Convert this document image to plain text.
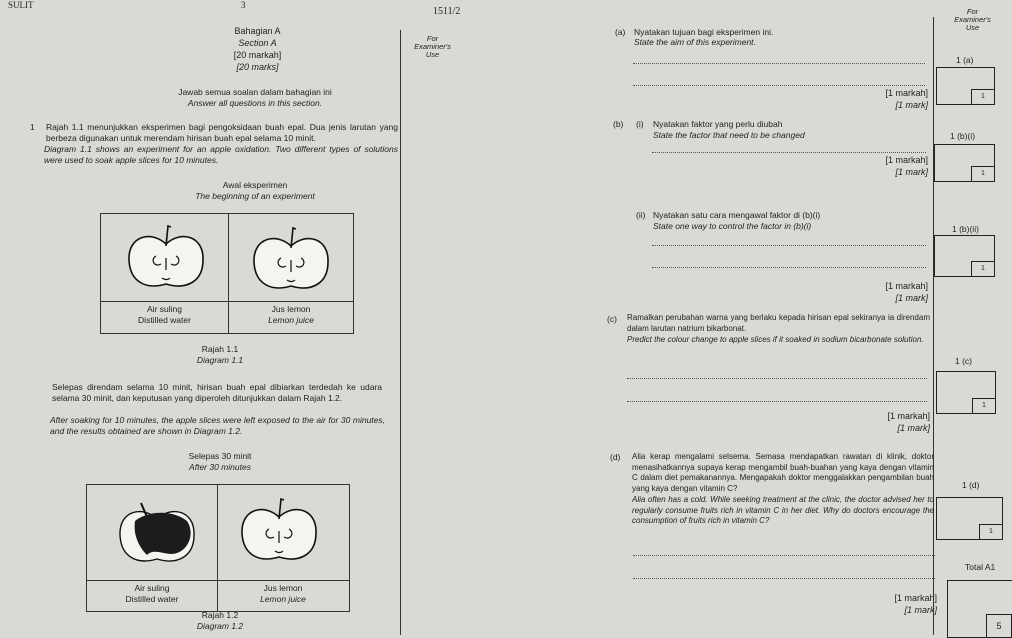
SULIT	3
1511/2
Bahagian A
Section A
[20 markah]
[20 marks]
For
Examiner's
Use
Jawab semua soalan dalam bahagian ini
Answer all questions in this section.
1 Rajah 1.1 menunjukkan eksperimen bagi pengoksidaan buah epal. Dua jenis larutan yang berbeza digunakan untuk merendam hirisan buah epal selama 10 minit.
Diagram 1.1 shows an experiment for an apple oxidation. Two different types of solutions were used to soak apple slices for 10 minutes.
Awal eksperimen
The beginning of an experiment
Air suling
Distilled water
Jus lemon
Lemon juice
Rajah 1.1
Diagram 1.1
Selepas direndam selama 10 minit, hirisan buah epal dibiarkan terdedah ke udara selama 30 minit, dan keputusan yang diperoleh ditunjukkan dalam Rajah 1.2.
After soaking for 10 minutes, the apple slices were left exposed to the air for 30 minutes, and the results obtained are shown in Diagram 1.2.
Selepas 30 minit
After 30 minutes
Air suling
Distilled water
Jus lemon
Lemon juice
Rajah 1.2
Diagram 1.2
For
Examiner's
Use
(a) Nyatakan tujuan bagi eksperimen ini.
State the aim of this experiment.
[1 markah]
[1 mark]
1 (a)
1
(b) (i) Nyatakan faktor yang perlu diubah
State the factor that need to be changed
[1 markah]
[1 mark]
1 (b)(i)
1
(ii) Nyatakan satu cara mengawal faktor di (b)(i)
State one way to control the factor in (b)(i)
[1 markah]
[1 mark]
1 (b)(ii)
1
(c) Ramalkan perubahan warna yang berlaku kepada hirisan epal sekiranya ia direndam dalam larutan natrium bikarbonat.
Predict the colour change to apple slices if it soaked in sodium bicarbonate solution.
[1 markah]
[1 mark]
1 (c)
1
(d) Alia kerap mengalami selsema. Semasa mendapatkan rawatan di klinik, doktor menasihatkannya supaya kerap mengambil buah-buahan yang kaya dengan vitamin C dalam diet pemakanannya. Mengapakah doktor menggalakkan pengambilan buah yang kaya dengan vitamin C?
Alia often has a cold. While seeking treatment at the clinic, the doctor advised her to regularly consume fruits rich in vitamin C in her diet. Why do doctors encourage the consumption of fruits rich in vitamin C?
[1 markah]
[1 mark]
1 (d)
1
Total A1
5
